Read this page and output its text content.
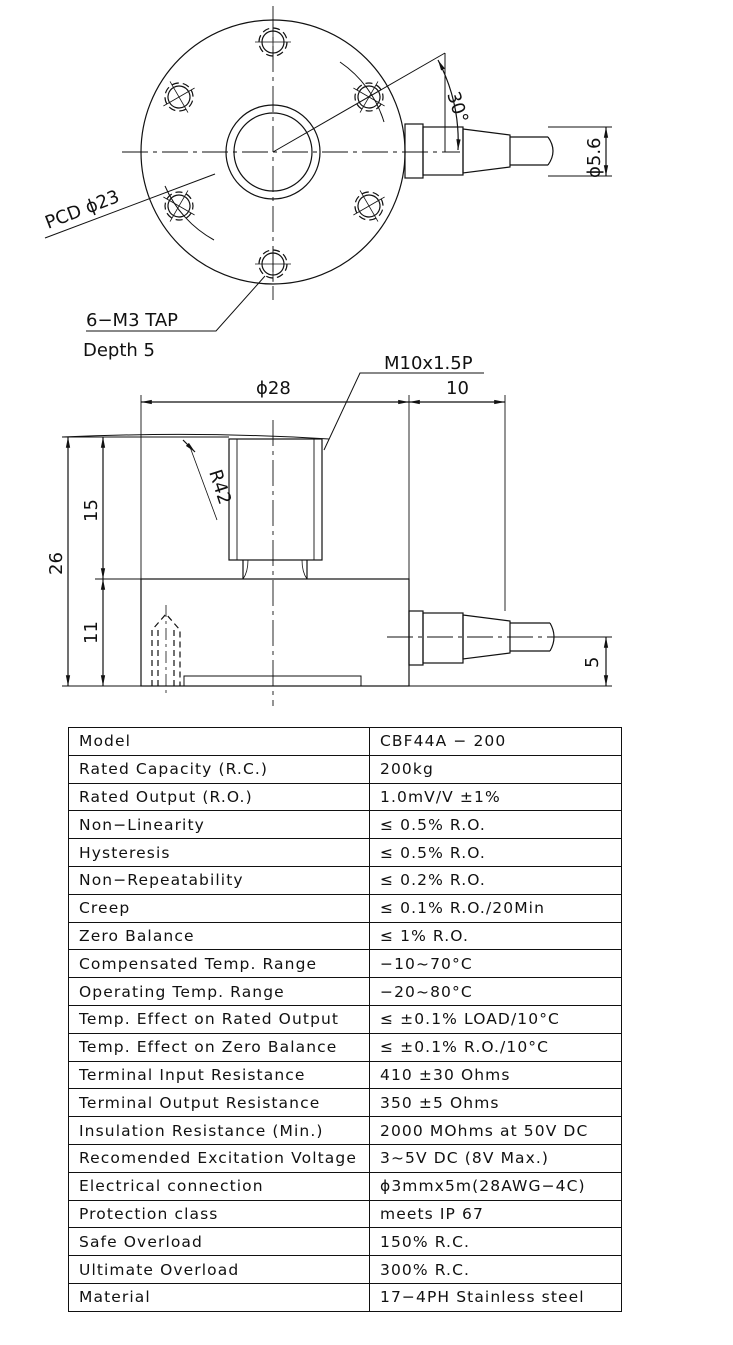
PCD ϕ23
30°
ϕ5.6
6−M3 TAP
Depth 5
M10x1.5P
ϕ28	10
R42
15
26
11
5
Model	CBF44A − 200
Rated Capacity (R.C.)	200kg
Rated Output (R.O.)	1.0mV/V ±1%
Non−Linearity	≤ 0.5% R.O.
Hysteresis	≤ 0.5% R.O.
Non−Repeatability	≤ 0.2% R.O.
Creep	≤ 0.1% R.O./20Min
Zero Balance	≤ 1% R.O.
Compensated Temp. Range	−10~70°C
Operating Temp. Range	−20~80°C
Temp. Effect on Rated Output	≤ ±0.1% LOAD/10°C
Temp. Effect on Zero Balance	≤ ±0.1% R.O./10°C
Terminal Input Resistance	410 ±30 Ohms
Terminal Output Resistance	350 ±5 Ohms
Insulation Resistance (Min.)	2000 MOhms at 50V DC
Recomended Excitation Voltage	3~5V DC (8V Max.)
Electrical connection	ϕ3mmx5m(28AWG−4C)
Protection class	meets IP 67
Safe Overload	150% R.C.
Ultimate Overload	300% R.C.
Material	17−4PH Stainless steel
